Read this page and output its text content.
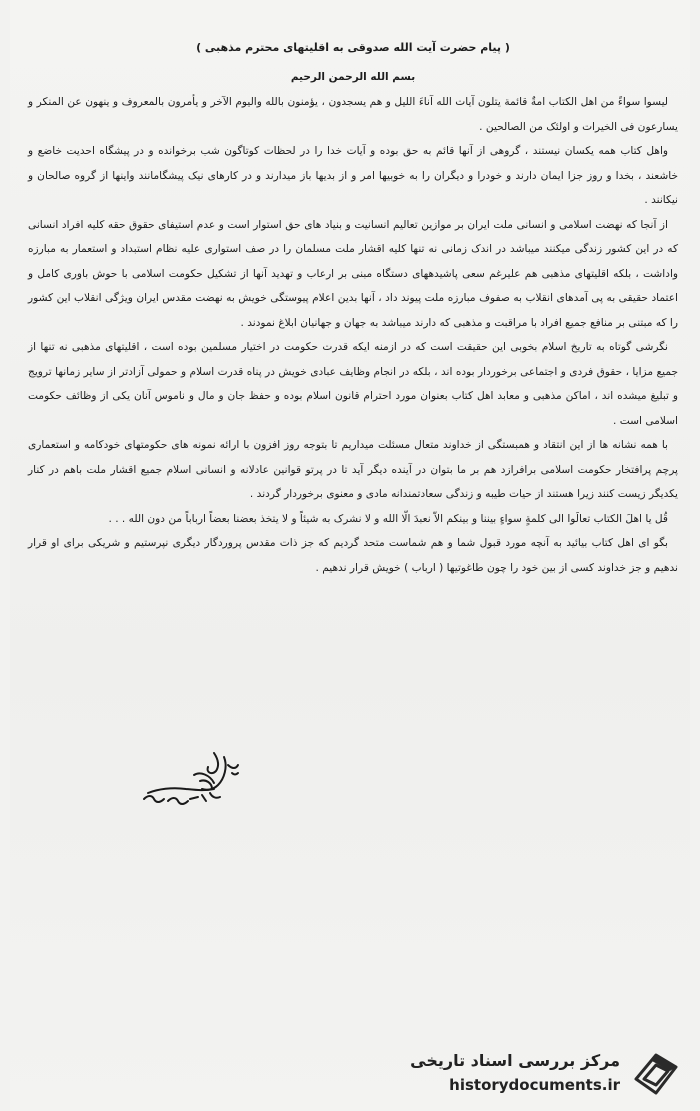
( پیام حضرت آیت الله صدوقی به اقلیتهای محترم مذهبی )
بسم الله الرحمن الرحیم

لیسوا سواءً من اهل الکتاب امةٌ قائمة یتلون آیات الله آناءَ اللیل و هم یسجدون ، یؤمنون بالله والیوم الآخر و یأمرون بالمعروف و ینهون عن المنکر و یسارعون فی الخیرات و اولئک من الصالحین .

واهل کتاب همه یکسان نیستند ، گروهی از آنها قائم به حق بوده و آیات خدا را در لحظات کوتاگون شب برخوانده و در پیشگاه احدیت خاضع و خاشعند ، بخدا و روز جزا ایمان دارند و خودرا و دیگران را به خوبیها امر و از بدیها باز میدارند و در کارهای نیک پیشگامانند واینها از گروه صالحان و نیکانند .

از آنجا که نهضت اسلامی و انسانی ملت ایران بر موازین تعالیم انسانیت و بنیاد های حق استوار است و عدم استیفای حقوق حقه کلیه افراد انسانی که در این کشور زندگی میکنند میباشد در اندک زمانی نه تنها کلیه اقشار ملت مسلمان را در صف استواری علیه نظام استبداد و استعمار به مبارزه واداشت ، بلکه اقلیتهای مذهبی هم علیرغم سعی پاشیدههای دستگاه مبنی بر ارعاب و تهدید آنها از تشکیل حکومت اسلامی با حوش باوری کامل و اعتماد حقیقی به پی آمدهای انقلاب به صفوف مبارزه ملت پیوند داد ، آنها بدین اعلام پیوستگی خویش به نهضت مقدس ایران ویژگی انقلاب این کشور را که مبتنی بر منافع جمیع افراد با مراقبت و مذهبی که دارند میباشد به جهان و جهانیان ابلاغ نمودند .

نگرشی گوتاه به تاریخ اسلام بخوبی این حقیقت است که در ازمنه ایکه قدرت حکومت در اختیار مسلمین بوده است ، اقلیتهای مذهبی نه تنها از جمیع مزایا ، حقوق فردی و اجتماعی برخوردار بوده اند ، بلکه در انجام وظایف عبادی خویش در پناه قدرت اسلام و حمولی آزادتر از سایر زمانها ترویج و تبلیغ میشده اند ، اماکن مذهبی و معابد اهل کتاب بعنوان مورد احترام قانون اسلام بوده و حفظ جان و مال و ناموس آنان یکی از وظائف حکومت اسلامی است .

با همه نشانه ها از این انتقاد و همبستگی از خداوند متعال مسئلت میداریم تا بتوجه روز افزون با ارائه نمونه های حکومتهای خودکامه و استعماری پرچم پرافتخار حکومت اسلامی برافرازد هم بر ما بتوان در آینده دیگر آید تا در پرتو قوانین عادلانه و انسانی اسلام جمیع اقشار ملت باهم در کنار یکدیگر زیست کنند زیرا هستند از حیات طیبه و زندگی سعادتمندانه مادی و معنوی برخوردار گردند .

قُل یا اهلَ الکتاب تعالَوا الی کلمةٍ سواءٍ بیننا و بینکم الاّ نعبدَ الّا الله و لا نشرک به شیئاً و لا یتخذ بعضنا بعضاً ارباباً من دون الله . . .

بگو ای اهل کتاب بیائید به آنچه مورد قبول شما و هم شماست متحد گردیم که جز ذات مقدس پروردگار دیگری نپرستیم و شریکی برای او قرار ندهیم و جز خداوند کسی از بین خود را چون طاغوتیها ( ارباب ) خویش قرار ندهیم .

مرکز بررسی اسناد تاریخی
historydocuments.ir
